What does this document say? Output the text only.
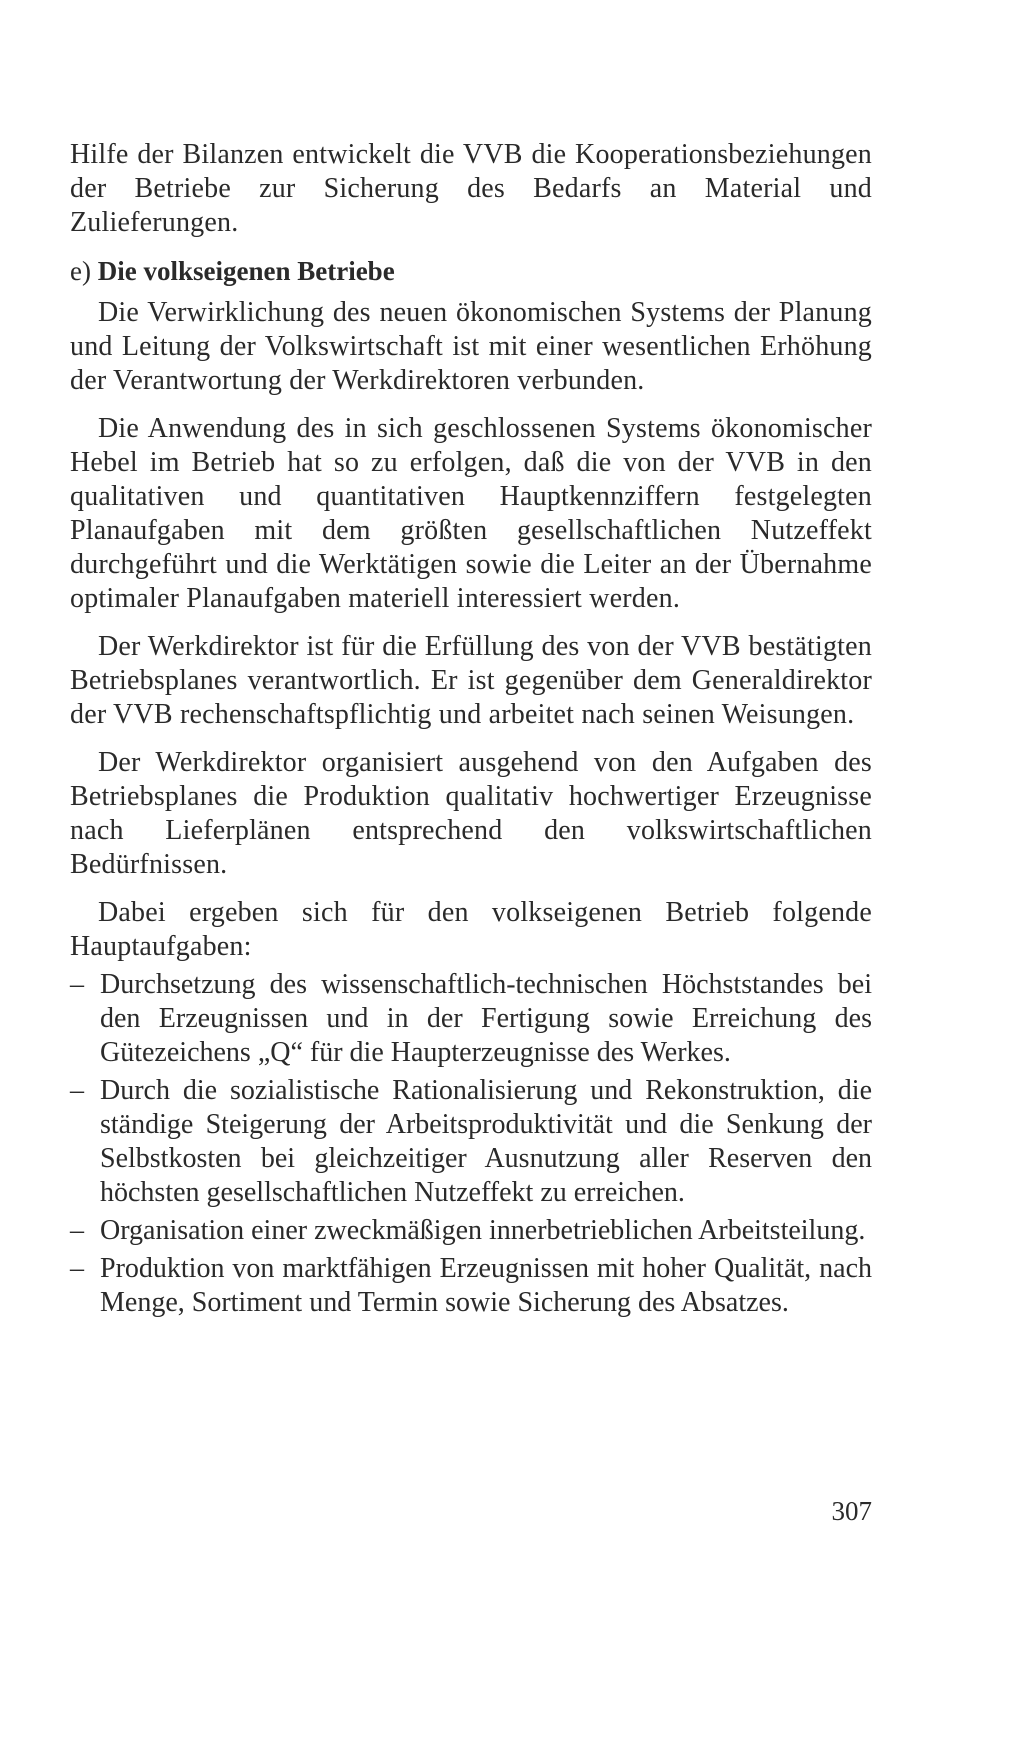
Hilfe der Bilanzen entwickelt die VVB die Kooperationsbeziehungen der Betriebe zur Sicherung des Bedarfs an Material und Zulieferungen.

e) Die volkseigenen Betriebe

Die Verwirklichung des neuen ökonomischen Systems der Planung und Leitung der Volkswirtschaft ist mit einer wesentlichen Erhöhung der Verantwortung der Werkdirektoren verbunden.

Die Anwendung des in sich geschlossenen Systems ökonomischer Hebel im Betrieb hat so zu erfolgen, daß die von der VVB in den qualitativen und quantitativen Hauptkennziffern festgelegten Planaufgaben mit dem größten gesellschaftlichen Nutzeffekt durchgeführt und die Werktätigen sowie die Leiter an der Übernahme optimaler Planaufgaben materiell interessiert werden.

Der Werkdirektor ist für die Erfüllung des von der VVB bestätigten Betriebsplanes verantwortlich. Er ist gegenüber dem Generaldirektor der VVB rechenschaftspflichtig und arbeitet nach seinen Weisungen.

Der Werkdirektor organisiert ausgehend von den Aufgaben des Betriebsplanes die Produktion qualitativ hochwertiger Erzeugnisse nach Lieferplänen entsprechend den volkswirtschaftlichen Bedürfnissen.

Dabei ergeben sich für den volkseigenen Betrieb folgende Hauptaufgaben:

– Durchsetzung des wissenschaftlich-technischen Höchststandes bei den Erzeugnissen und in der Fertigung sowie Erreichung des Gütezeichens „Q“ für die Haupterzeugnisse des Werkes.
– Durch die sozialistische Rationalisierung und Rekonstruktion, die ständige Steigerung der Arbeitsproduktivität und die Senkung der Selbstkosten bei gleichzeitiger Ausnutzung aller Reserven den höchsten gesellschaftlichen Nutzeffekt zu erreichen.
– Organisation einer zweckmäßigen innerbetrieblichen Arbeitsteilung.
– Produktion von marktfähigen Erzeugnissen mit hoher Qualität, nach Menge, Sortiment und Termin sowie Sicherung des Absatzes.
307
